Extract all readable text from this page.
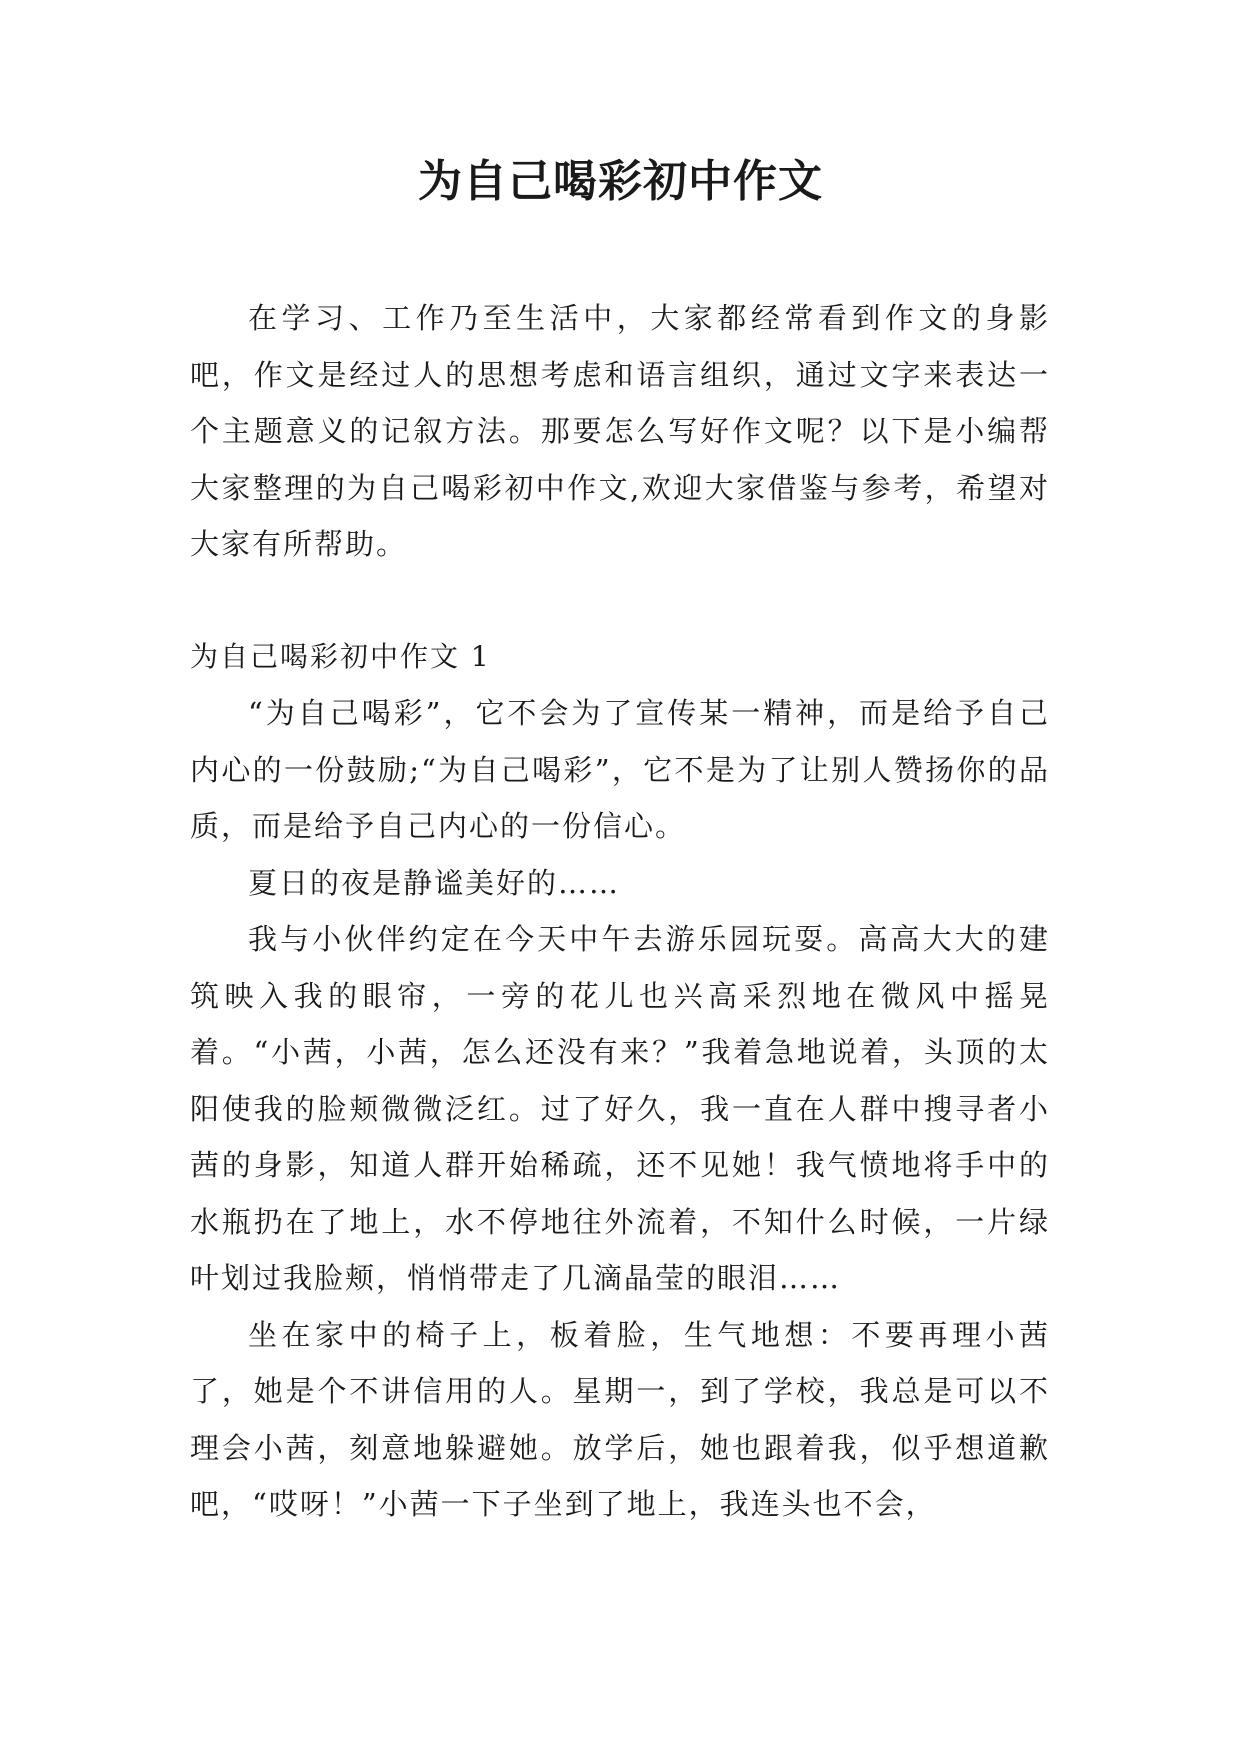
为自己喝彩初中作文

在学习、工作乃至生活中，大家都经常看到作文的身影吧，作文是经过人的思想考虑和语言组织，通过文字来表达一个主题意义的记叙方法。那要怎么写好作文呢？以下是小编帮大家整理的为自己喝彩初中作文,欢迎大家借鉴与参考，希望对大家有所帮助。

为自己喝彩初中作文 1

“为自己喝彩”，它不会为了宣传某一精神，而是给予自己内心的一份鼓励;“为自己喝彩”，它不是为了让别人赞扬你的品质，而是给予自己内心的一份信心。

夏日的夜是静谧美好的……

我与小伙伴约定在今天中午去游乐园玩耍。高高大大的建筑映入我的眼帘，一旁的花儿也兴高采烈地在微风中摇晃着。“小茜，小茜，怎么还没有来？”我着急地说着，头顶的太阳使我的脸颊微微泛红。过了好久，我一直在人群中搜寻者小茜的身影，知道人群开始稀疏，还不见她！我气愤地将手中的水瓶扔在了地上，水不停地往外流着，不知什么时候，一片绿叶划过我脸颊，悄悄带走了几滴晶莹的眼泪……

坐在家中的椅子上，板着脸，生气地想：不要再理小茜了，她是个不讲信用的人。星期一，到了学校，我总是可以不理会小茜，刻意地躲避她。放学后，她也跟着我，似乎想道歉吧，“哎呀！”小茜一下子坐到了地上，我连头也不会，
